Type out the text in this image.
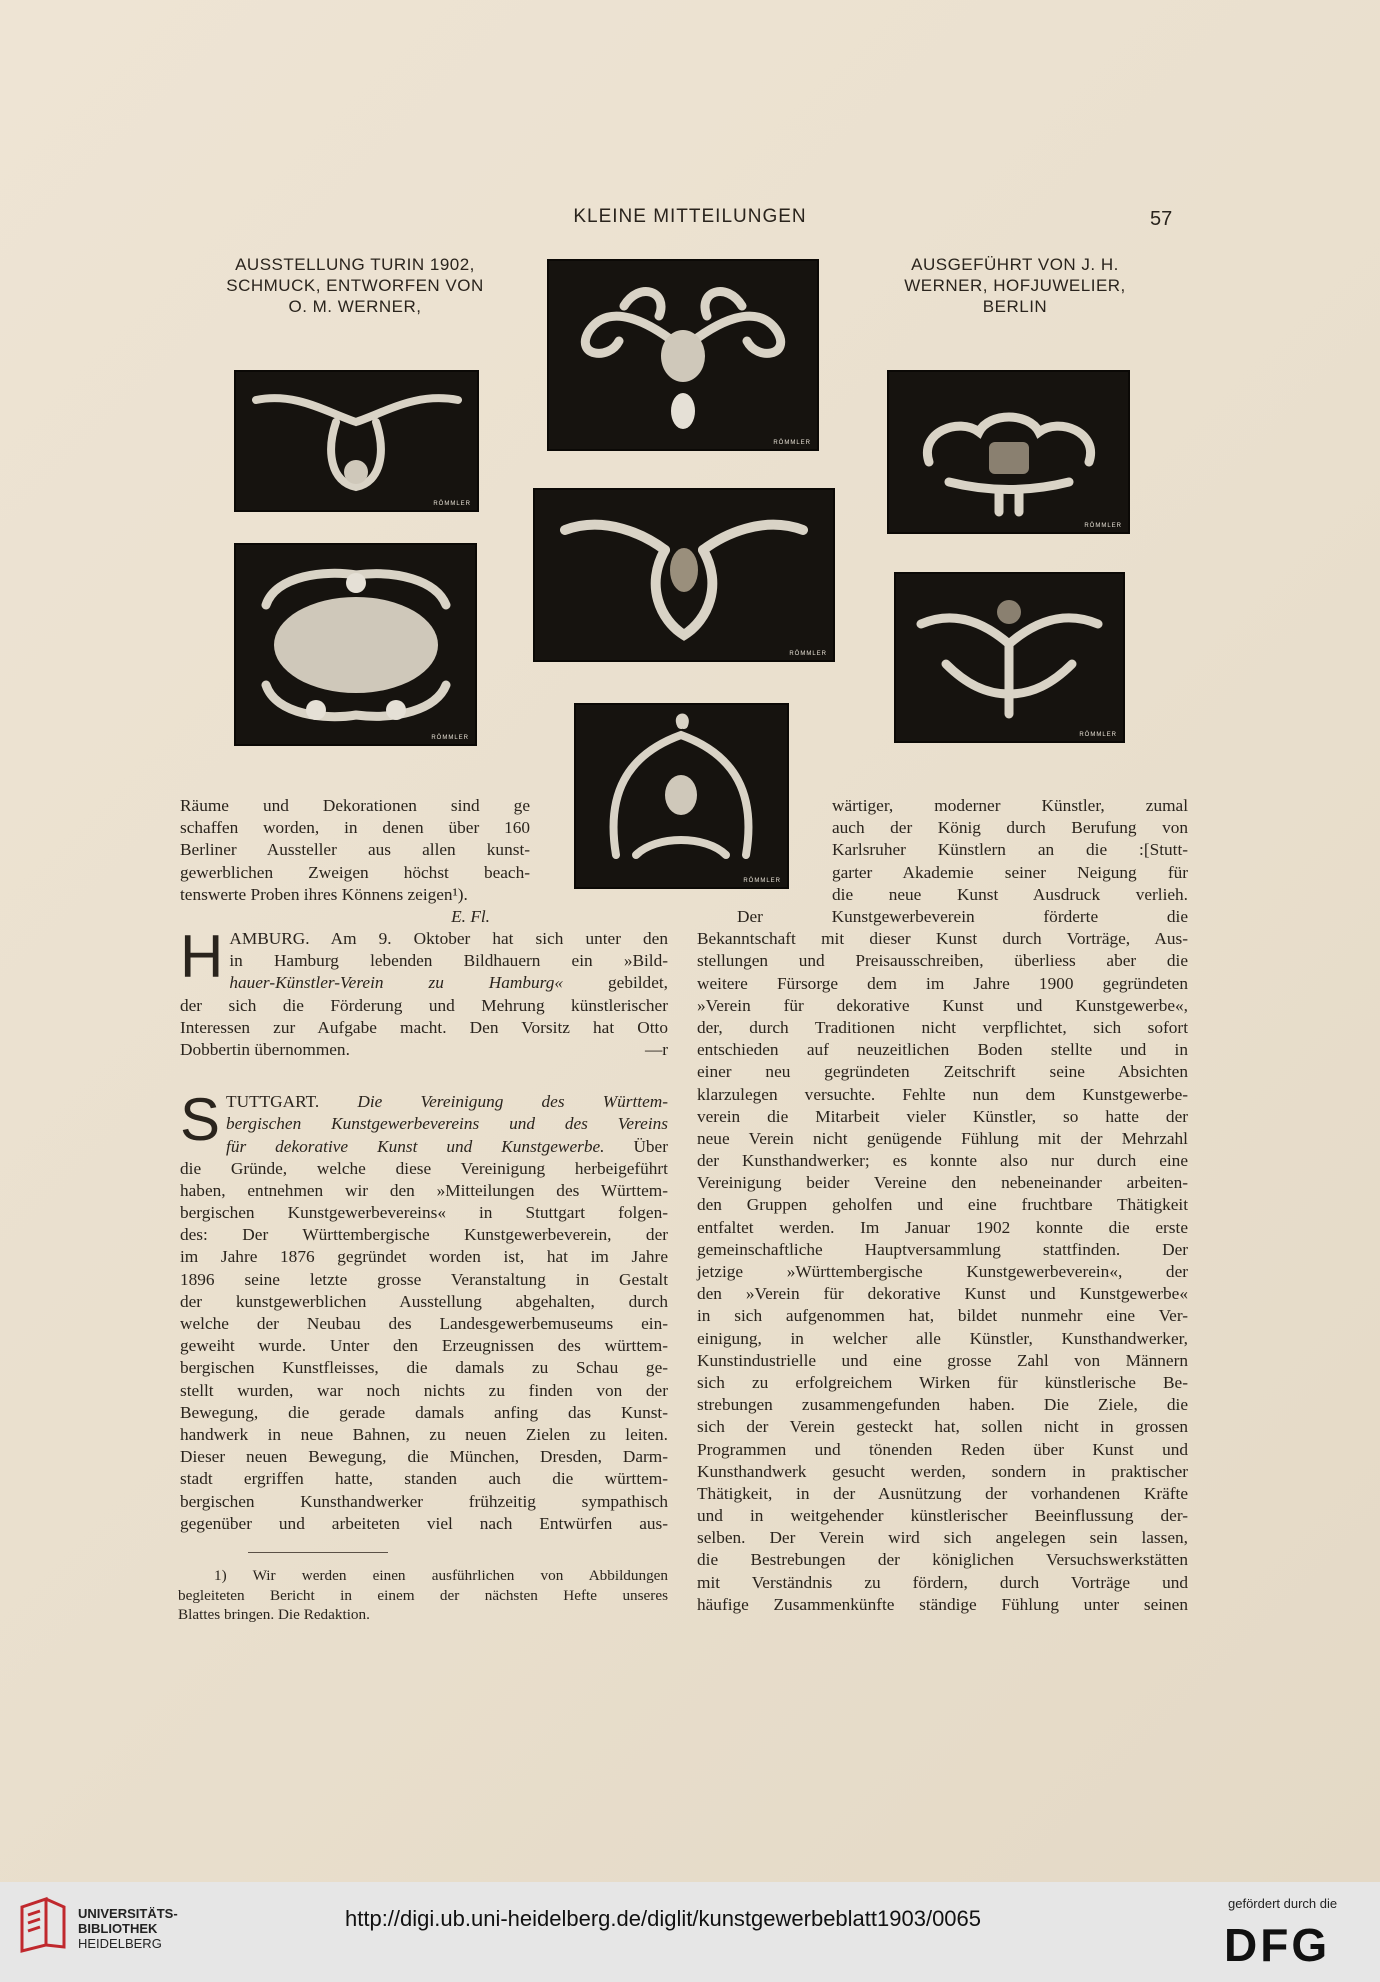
KLEINE MITTEILUNGEN	57
AUSSTELLUNG TURIN 1902,
SCHMUCK, ENTWORFEN VON
O. M. WERNER,
AUSGEFÜHRT VON J. H.
WERNER, HOFJUWELIER,
BERLIN
RÖMMLER
RÖMMLER
RÖMMLER
RÖMMLER
RÖMMLER	RÖMMLER
RÖMMLER
Räume und Dekorationen sind ge
schaffen worden, in denen über 160
Berliner Aussteller aus allen kunst-
gewerblichen Zweigen höchst beach-
tenswerte Proben ihres Könnens zeigen¹).
E. Fl.
wärtiger, moderner Künstler, zumal
auch der König durch Berufung von
Karlsruher Künstlern an die :[Stutt-
garter Akademie seiner Neigung für
die neue Kunst Ausdruck verlieh.
H AMBURG. Am 9. Oktober hat sich unter den
in Hamburg lebenden Bildhauern ein »Bild-
hauer-Künstler-Verein zu Hamburg« gebildet,
der sich die Förderung und Mehrung künstlerischer
Interessen zur Aufgabe macht. Den Vorsitz hat Otto
Dobbertin übernommen.	—r
S TUTTGART. Die Vereinigung des Württem-
bergischen Kunstgewerbevereins und des Vereins
für dekorative Kunst und Kunstgewerbe. Über
die Gründe, welche diese Vereinigung herbeigeführt
haben, entnehmen wir den »Mitteilungen des Württem-
bergischen Kunstgewerbevereins« in Stuttgart folgen-
des: Der Württembergische Kunstgewerbeverein, der
im Jahre 1876 gegründet worden ist, hat im Jahre
1896 seine letzte grosse Veranstaltung in Gestalt
der kunstgewerblichen Ausstellung abgehalten, durch
welche der Neubau des Landesgewerbemuseums ein-
geweiht wurde. Unter den Erzeugnissen des württem-
bergischen Kunstfleisses, die damals zu Schau ge-
stellt wurden, war noch nichts zu finden von der
Bewegung, die gerade damals anfing das Kunst-
handwerk in neue Bahnen, zu neuen Zielen zu leiten.
Dieser neuen Bewegung, die München, Dresden, Darm-
stadt ergriffen hatte, standen auch die württem-
bergischen Kunsthandwerker frühzeitig sympathisch
gegenüber und arbeiteten viel nach Entwürfen aus-
Der Kunstgewerbeverein förderte die
Bekanntschaft mit dieser Kunst durch Vorträge, Aus-
stellungen und Preisausschreiben, überliess aber die
weitere Fürsorge dem im Jahre 1900 gegründeten
»Verein für dekorative Kunst und Kunstgewerbe«,
der, durch Traditionen nicht verpflichtet, sich sofort
entschieden auf neuzeitlichen Boden stellte und in
einer neu gegründeten Zeitschrift seine Absichten
klarzulegen versuchte. Fehlte nun dem Kunstgewerbe-
verein die Mitarbeit vieler Künstler, so hatte der
neue Verein nicht genügende Fühlung mit der Mehrzahl
der Kunsthandwerker; es konnte also nur durch eine
Vereinigung beider Vereine den nebeneinander arbeiten-
den Gruppen geholfen und eine fruchtbare Thätigkeit
entfaltet werden. Im Januar 1902 konnte die erste
gemeinschaftliche Hauptversammlung stattfinden. Der
jetzige »Württembergische Kunstgewerbeverein«, der
den »Verein für dekorative Kunst und Kunstgewerbe«
in sich aufgenommen hat, bildet nunmehr eine Ver-
einigung, in welcher alle Künstler, Kunsthandwerker,
Kunstindustrielle und eine grosse Zahl von Männern
sich zu erfolgreichem Wirken für künstlerische Be-
strebungen zusammengefunden haben. Die Ziele, die
sich der Verein gesteckt hat, sollen nicht in grossen
Programmen und tönenden Reden über Kunst und
Kunsthandwerk gesucht werden, sondern in praktischer
Thätigkeit, in der Ausnützung der vorhandenen Kräfte
und in weitgehender künstlerischer Beeinflussung der-
selben. Der Verein wird sich angelegen sein lassen,
die Bestrebungen der königlichen Versuchswerkstätten
mit Verständnis zu fördern, durch Vorträge und
häufige Zusammenkünfte ständige Fühlung unter seinen
1) Wir werden einen ausführlichen von Abbildungen
begleiteten Bericht in einem der nächsten Hefte unseres
Blattes bringen. Die Redaktion.
UNIVERSITÄTS-
BIBLIOTHEK
HEIDELBERG
http://digi.ub.uni-heidelberg.de/diglit/kunstgewerbeblatt1903/0065
gefördert durch die
DFG
